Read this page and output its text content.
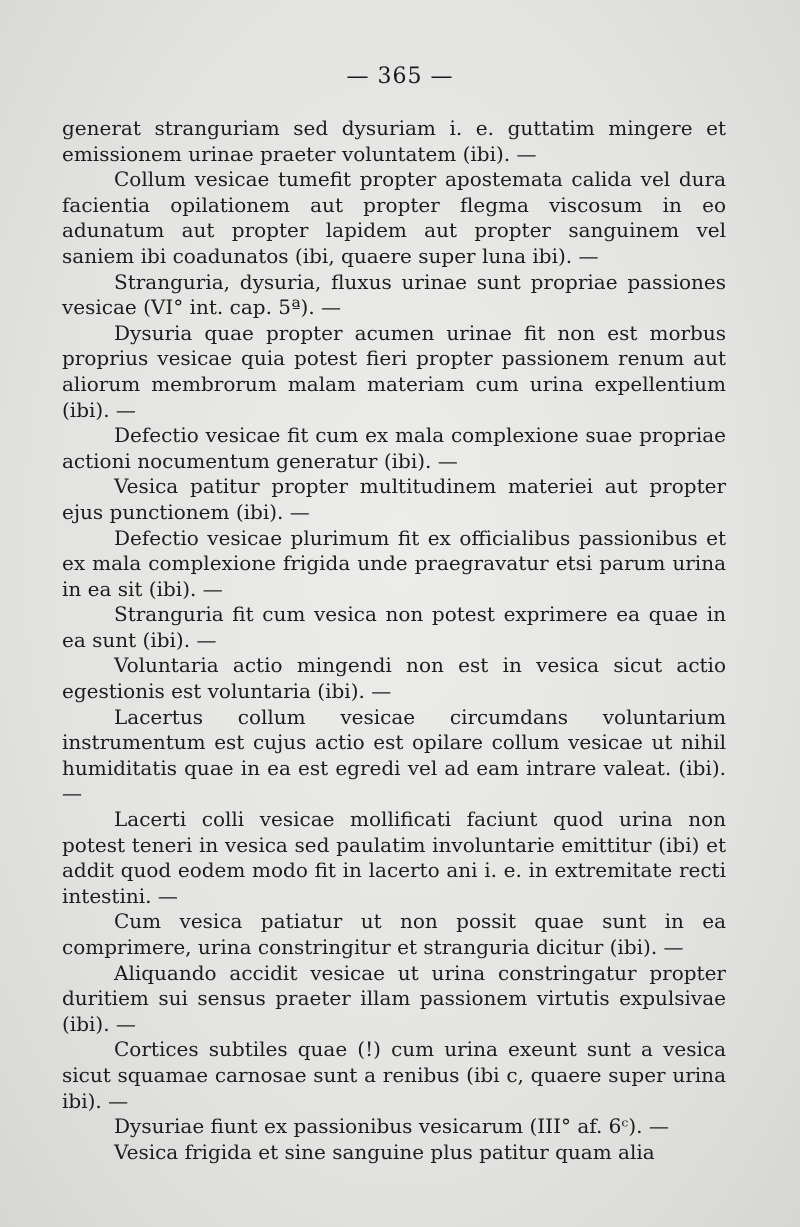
— 365 —

generat stranguriam sed dysuriam i. e. guttatim mingere et emissionem urinae praeter voluntatem (ibi). —

Collum vesicae tumefit propter apostemata calida vel dura facientia opilationem aut propter flegma viscosum in eo adunatum aut propter lapidem aut propter sanguinem vel saniem ibi coadunatos (ibi, quaere super luna ibi). —

Stranguria, dysuria, fluxus urinae sunt propriae passiones vesicae (VI° int. cap. 5ª). —

Dysuria quae propter acumen urinae fit non est morbus proprius vesicae quia potest fieri propter passionem renum aut aliorum membrorum malam materiam cum urina expellentium (ibi). —

Defectio vesicae fit cum ex mala complexione suae propriae actioni nocumentum generatur (ibi). —

Vesica patitur propter multitudinem materiei aut propter ejus punctionem (ibi). —

Defectio vesicae plurimum fit ex officialibus passionibus et ex mala complexione frigida unde praegravatur etsi parum urina in ea sit (ibi). —

Stranguria fit cum vesica non potest exprimere ea quae in ea sunt (ibi). —

Voluntaria actio mingendi non est in vesica sicut actio egestionis est voluntaria (ibi). —

Lacertus collum vesicae circumdans voluntarium instrumentum est cujus actio est opilare collum vesicae ut nihil humiditatis quae in ea est egredi vel ad eam intrare valeat. (ibi). —

Lacerti colli vesicae mollificati faciunt quod urina non potest teneri in vesica sed paulatim involuntarie emittitur (ibi) et addit quod eodem modo fit in lacerto ani i. e. in extremitate recti intestini. —

Cum vesica patiatur ut non possit quae sunt in ea comprimere, urina constringitur et stranguria dicitur (ibi). —

Aliquando accidit vesicae ut urina constringatur propter duritiem sui sensus praeter illam passionem virtutis expulsivae (ibi). —

Cortices subtiles quae (!) cum urina exeunt sunt a vesica sicut squamae carnosae sunt a renibus (ibi c, quaere super urina ibi). —

Dysuriae fiunt ex passionibus vesicarum (III° af. 6ᶜ). —

Vesica frigida et sine sanguine plus patitur quam alia
